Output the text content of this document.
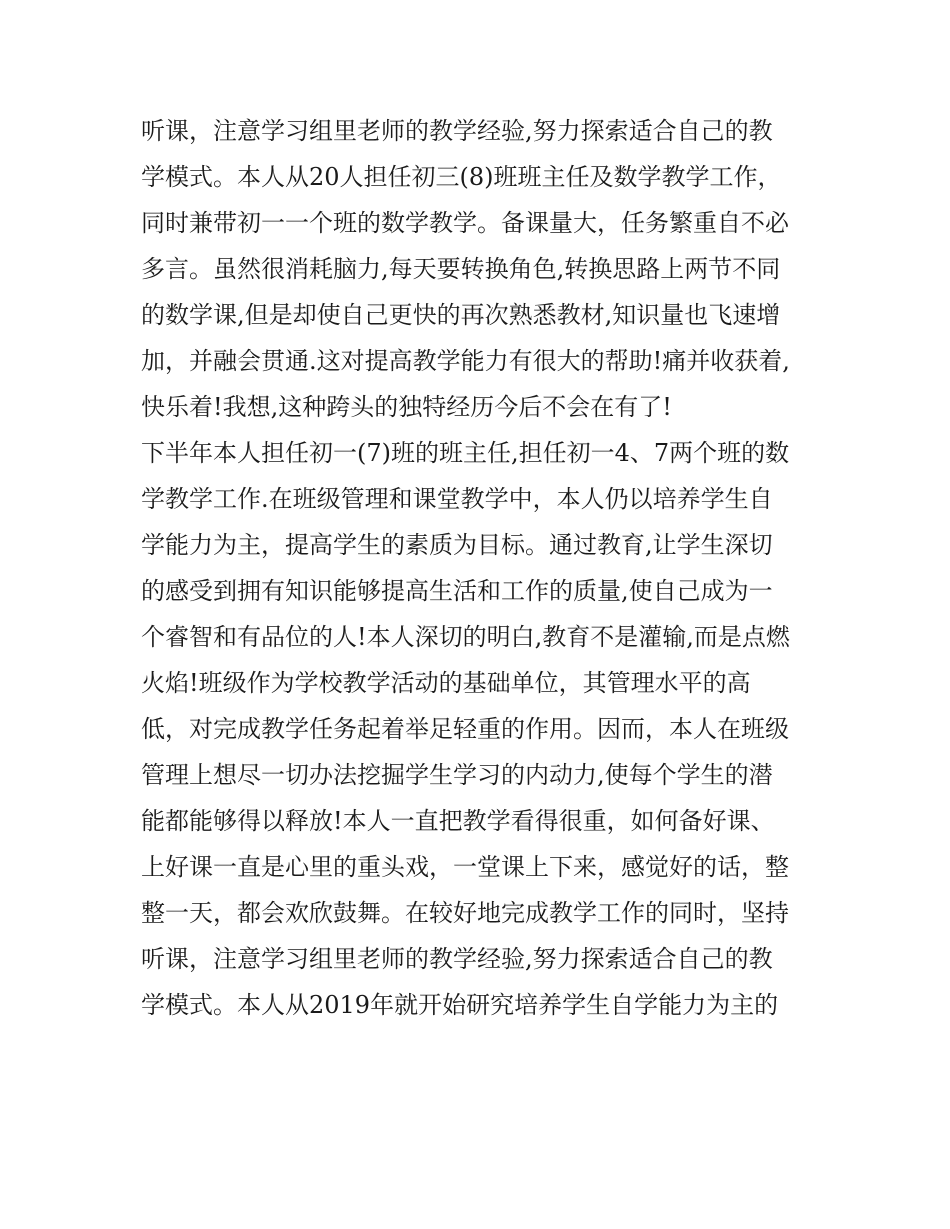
听课，注意学习组里老师的教学经验,努力探索适合自己的教
学模式。本人从20人担任初三(8)班班主任及数学教学工作，
同时兼带初一一个班的数学教学。备课量大，任务繁重自不必
多言。虽然很消耗脑力,每天要转换角色,转换思路上两节不同
的数学课,但是却使自己更快的再次熟悉教材,知识量也飞速增
加，并融会贯通.这对提高教学能力有很大的帮助!痛并收获着,
快乐着!我想,这种跨头的独特经历今后不会在有了!
下半年本人担任初一(7)班的班主任,担任初一4、7两个班的数
学教学工作.在班级管理和课堂教学中，本人仍以培养学生自
学能力为主，提高学生的素质为目标。通过教育,让学生深切
的感受到拥有知识能够提高生活和工作的质量,使自己成为一
个睿智和有品位的人!本人深切的明白,教育不是灌输,而是点燃
火焰!班级作为学校教学活动的基础单位，其管理水平的高
低，对完成教学任务起着举足轻重的作用。因而，本人在班级
管理上想尽一切办法挖掘学生学习的内动力,使每个学生的潜
能都能够得以释放!本人一直把教学看得很重，如何备好课、
上好课一直是心里的重头戏，一堂课上下来，感觉好的话，整
整一天，都会欢欣鼓舞。在较好地完成教学工作的同时，坚持
听课，注意学习组里老师的教学经验,努力探索适合自己的教
学模式。本人从2019年就开始研究培养学生自学能力为主的
